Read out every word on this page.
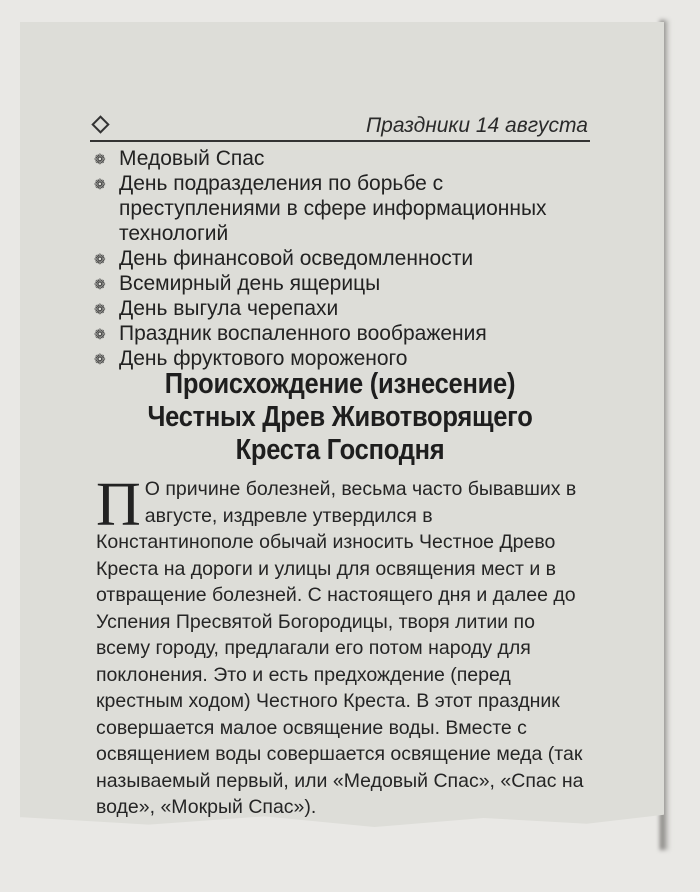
Праздники 14 августа
❁ Медовый Спас
❁ День подразделения по борьбе с преступлениями в сфере информационных технологий
❁ День финансовой осведомленности
❁ Всемирный день ящерицы
❁ День выгула черепахи
❁ Праздник воспаленного воображения
❁ День фруктового мороженого
Происхождение (изнесение) Честных Древ Животворящего Креста Господня
П О причине болезней, весьма часто бывавших в августе, издревле утвердился в Константинополе обычай износить Честное Древо Креста на дороги и улицы для освящения мест и в отвращение болезней. С настоящего дня и далее до Успения Пресвятой Богородицы, творя литии по всему городу, предлагали его потом народу для поклонения. Это и есть предхождение (перед крестным ходом) Честного Креста. В этот праздник совершается малое освящение воды. Вместе с освящением воды совершается освящение меда (так называемый первый, или «Медовый Спас», «Спас на воде», «Мокрый Спас»).
